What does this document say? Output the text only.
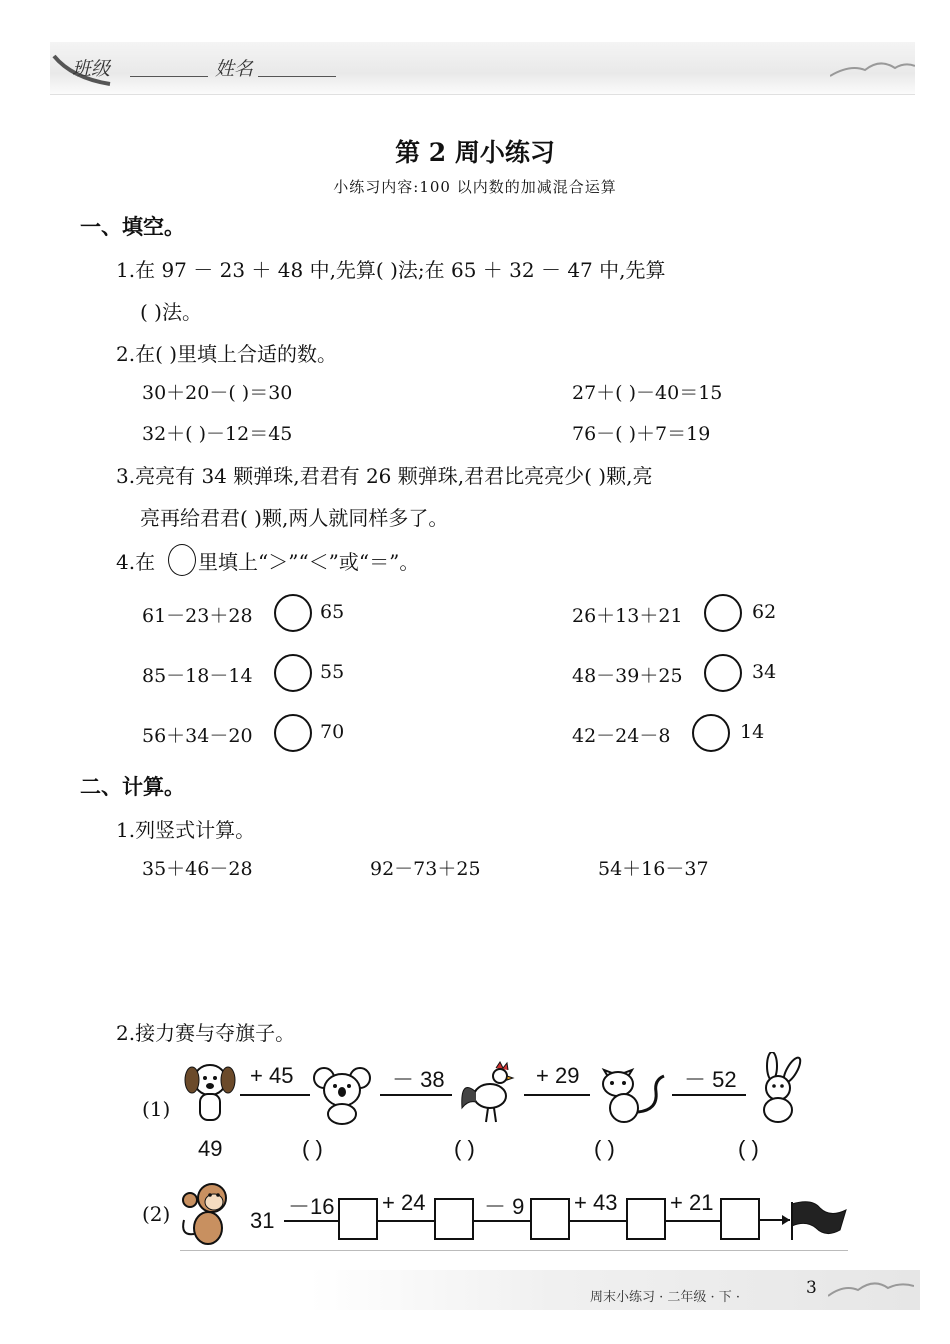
班级	姓名
第 2 周小练习
小练习内容:100 以内数的加减混合运算
一、填空。
1.在 97 － 23 ＋ 48 中,先算( )法;在 65 ＋ 32 － 47 中,先算
( )法。
2.在( )里填上合适的数。
30＋20－( )＝30	27＋( )－40＝15
32＋( )－12＝45	76－( )＋7＝19
3.亮亮有 34 颗弹珠,君君有 26 颗弹珠,君君比亮亮少( )颗,亮
亮再给君君( )颗,两人就同样多了。
4.在 里填上“＞”“＜”或“＝”。
61－23＋28	65	26＋13＋21	62
85－18－14	55	48－39＋25	34
56＋34－20	70	42－24－8	14
二、计算。
1.列竖式计算。
35＋46－28	92－73＋25	54＋16－37
2.接力赛与夺旗子。
(1)
+ 45	－ 38	+ 29	－ 52
49	( )	( )	( )	( )
(2)	31
－16 + 24	－ 9 + 43 + 21
周末小练习 · 二年级 · 下 ·	3
